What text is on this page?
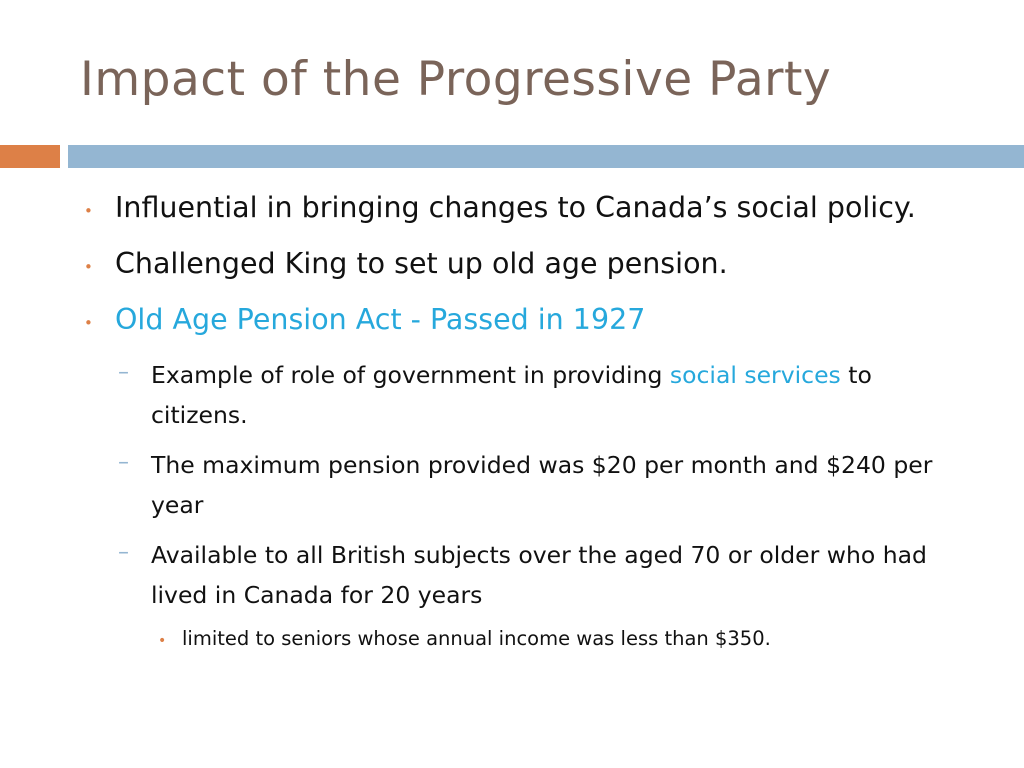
Impact of the Progressive Party
• Influential in bringing changes to Canada’s social policy.
• Challenged King to set up old age pension.
• Old Age Pension Act - Passed in 1927
– Example of role of government in providing social services to citizens.
– The maximum pension provided was $20 per month and $240 per year
– Available to all British subjects over the aged 70 or older who had lived in Canada for 20 years
• limited to seniors whose annual income was less than $350.
